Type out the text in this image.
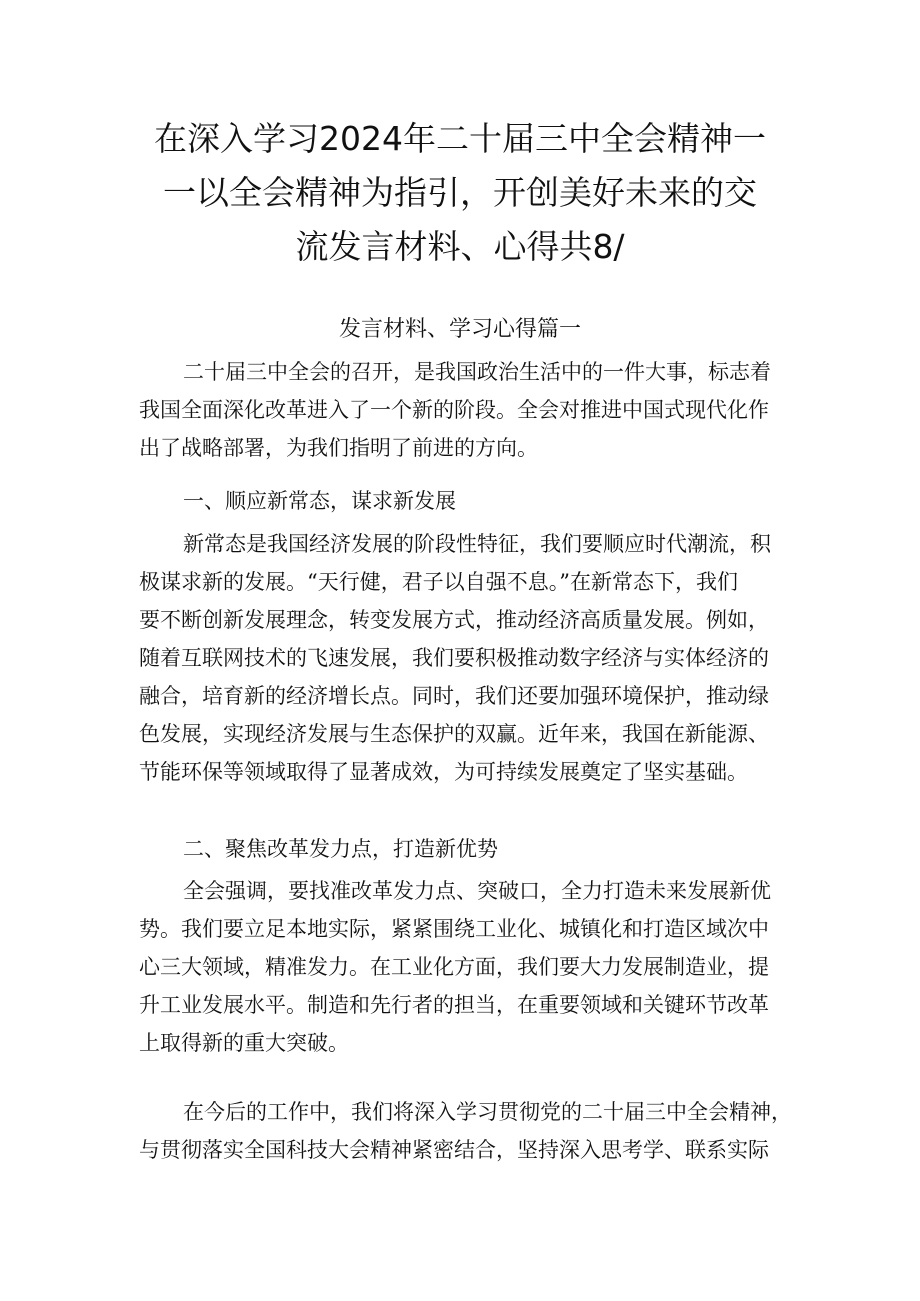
在深入学习2024年二十届三中全会精神一
一以全会精神为指引，开创美好未来的交
流发言材料、心得共8/
发言材料、学习心得篇一

二十届三中全会的召开，是我国政治生活中的一件大事，标志着
我国全面深化改革进入了一个新的阶段。全会对推进中国式现代化作
出了战略部署，为我们指明了前进的方向。

一、顺应新常态，谋求新发展

新常态是我国经济发展的阶段性特征，我们要顺应时代潮流，积
极谋求新的发展。“天行健，君子以自强不息。”在新常态下，我们
要不断创新发展理念，转变发展方式，推动经济高质量发展。例如，
随着互联网技术的飞速发展，我们要积极推动数字经济与实体经济的
融合，培育新的经济增长点。同时，我们还要加强环境保护，推动绿
色发展，实现经济发展与生态保护的双赢。近年来，我国在新能源、
节能环保等领域取得了显著成效，为可持续发展奠定了坚实基础。

二、聚焦改革发力点，打造新优势

全会强调，要找准改革发力点、突破口，全力打造未来发展新优
势。我们要立足本地实际，紧紧围绕工业化、城镇化和打造区域次中
心三大领域，精准发力。在工业化方面，我们要大力发展制造业，提
升工业发展水平。制造和先行者的担当，在重要领域和关键环节改革
上取得新的重大突破。

在今后的工作中，我们将深入学习贯彻党的二十届三中全会精神，
与贯彻落实全国科技大会精神紧密结合，坚持深入思考学、联系实际
